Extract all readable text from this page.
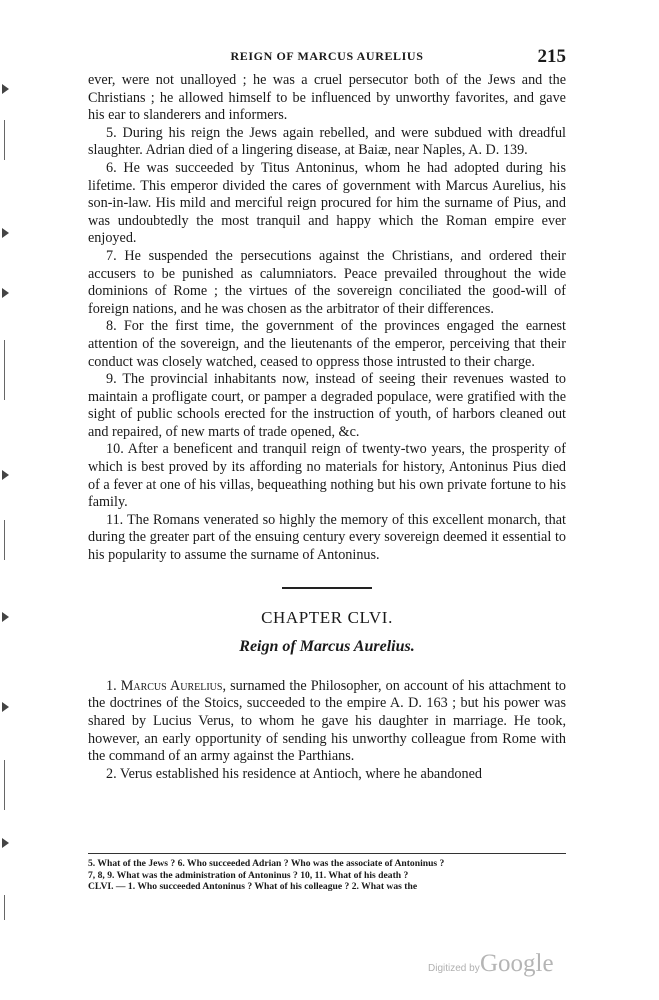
REIGN OF MARCUS AURELIUS	215

ever, were not unalloyed ; he was a cruel persecutor both of the Jews and the Christians ; he allowed himself to be influenced by unworthy favorites, and gave his ear to slanderers and informers.

5. During his reign the Jews again rebelled, and were subdued with dreadful slaughter. Adrian died of a lingering disease, at Baiæ, near Naples, A. D. 139.

6. He was succeeded by Titus Antoninus, whom he had adopted during his lifetime. This emperor divided the cares of government with Marcus Aurelius, his son-in-law. His mild and merciful reign procured for him the surname of Pius, and was undoubtedly the most tranquil and happy which the Roman empire ever enjoyed.

7. He suspended the persecutions against the Christians, and ordered their accusers to be punished as calumniators. Peace prevailed throughout the wide dominions of Rome ; the virtues of the sovereign conciliated the good-will of foreign nations, and he was chosen as the arbitrator of their differences.

8. For the first time, the government of the provinces engaged the earnest attention of the sovereign, and the lieutenants of the emperor, perceiving that their conduct was closely watched, ceased to oppress those intrusted to their charge.

9. The provincial inhabitants now, instead of seeing their revenues wasted to maintain a profligate court, or pamper a degraded populace, were gratified with the sight of public schools erected for the instruction of youth, of harbors cleaned out and repaired, of new marts of trade opened, &c.

10. After a beneficent and tranquil reign of twenty-two years, the prosperity of which is best proved by its affording no materials for history, Antoninus Pius died of a fever at one of his villas, bequeathing nothing but his own private fortune to his family.

11. The Romans venerated so highly the memory of this excellent monarch, that during the greater part of the ensuing century every sovereign deemed it essential to his popularity to assume the surname of Antoninus.

CHAPTER CLVI.
Reign of Marcus Aurelius.

1. Marcus Aurelius, surnamed the Philosopher, on account of his attachment to the doctrines of the Stoics, succeeded to the empire A. D. 163 ; but his power was shared by Lucius Verus, to whom he gave his daughter in marriage. He took, however, an early opportunity of sending his unworthy colleague from Rome with the command of an army against the Parthians.

2. Verus established his residence at Antioch, where he abandoned

5. What of the Jews ? 6. Who succeeded Adrian ? Who was the associate of Antoninus ?
7, 8, 9. What was the administration of Antoninus ? 10, 11. What of his death ?
CLVI. — 1. Who succeeded Antoninus ? What of his colleague ? 2. What was the
Digitized by Google
